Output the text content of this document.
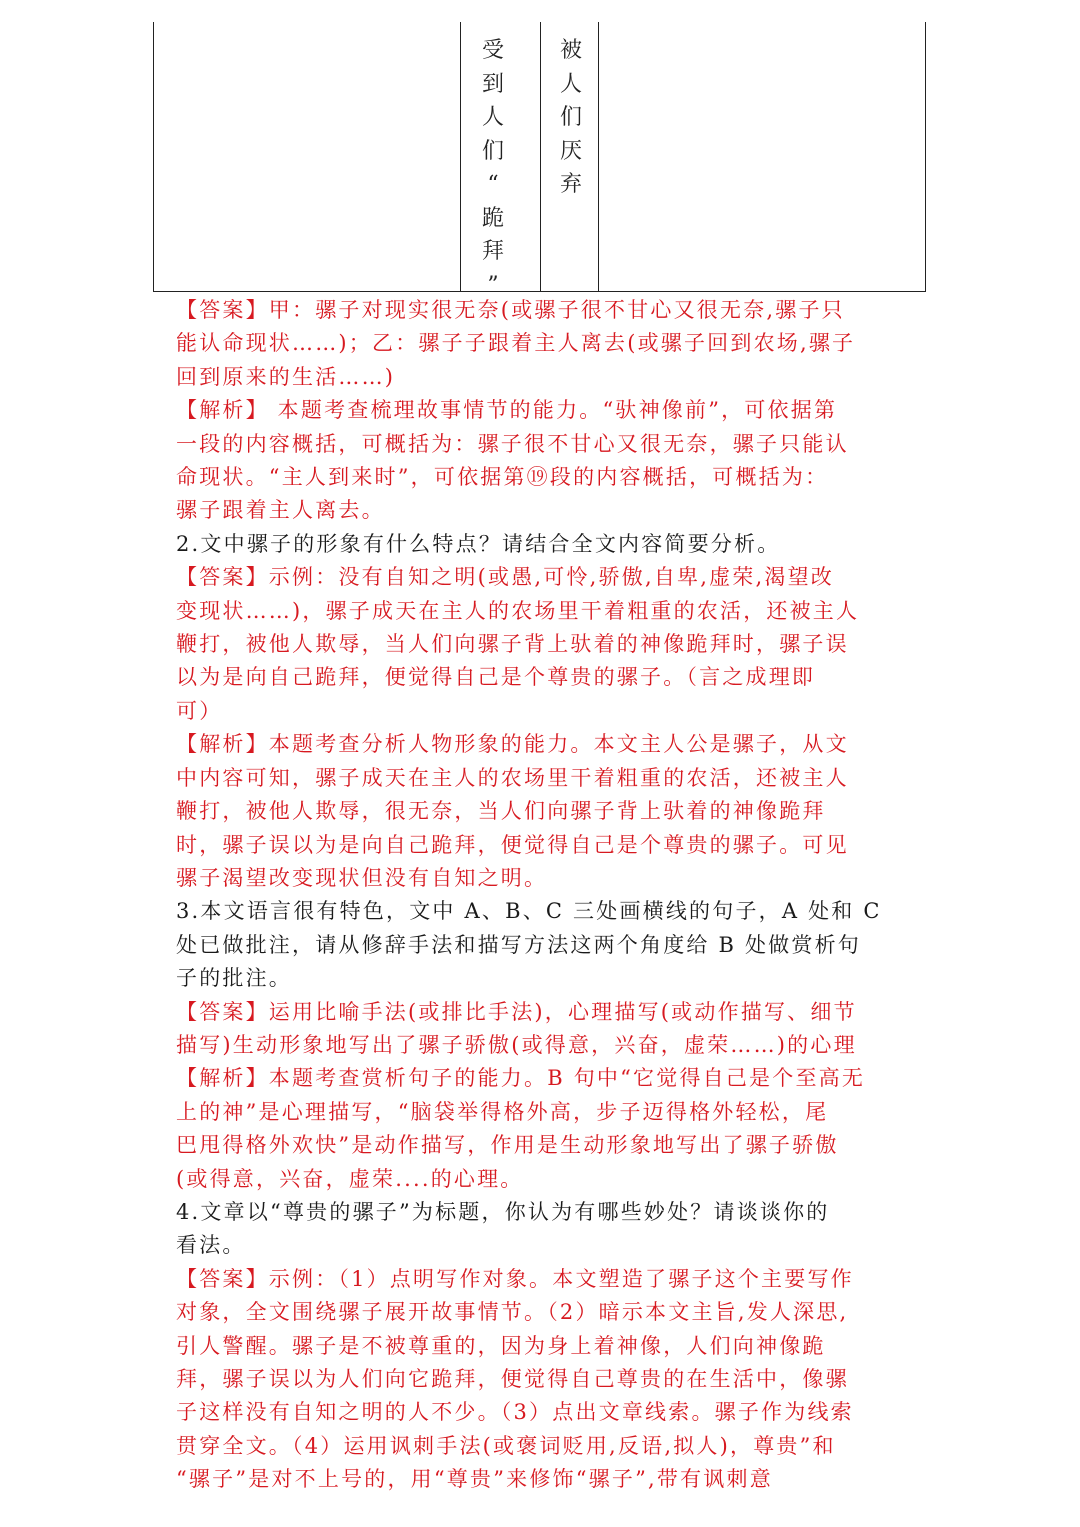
受
到
人
们
“
跪
拜
”
被
人
们
厌
弃
【答案】甲：骡子对现实很无奈(或骡子很不甘心又很无奈,骡子只
能认命现状……)；乙：骡子子跟着主人离去(或骡子回到农场,骡子
回到原来的生活……)
【解析】 本题考查梳理故事情节的能力。“驮神像前”，可依据第
一段的内容概括，可概括为：骡子很不甘心又很无奈，骡子只能认
命现状。“主人到来时”，可依据第⑲段的内容概括，可概括为：
骡子跟着主人离去。
2.文中骡子的形象有什么特点？请结合全文内容简要分析。
【答案】示例：没有自知之明(或愚,可怜,骄傲,自卑,虚荣,渴望改
变现状……)，骡子成天在主人的农场里干着粗重的农活，还被主人
鞭打，被他人欺辱，当人们向骡子背上驮着的神像跪拜时，骡子误
以为是向自己跪拜，便觉得自己是个尊贵的骡子。（言之成理即
可）
【解析】本题考查分析人物形象的能力。本文主人公是骡子，从文
中内容可知，骡子成天在主人的农场里干着粗重的农活，还被主人
鞭打，被他人欺辱，很无奈，当人们向骡子背上驮着的神像跪拜
时，骡子误以为是向自己跪拜，便觉得自己是个尊贵的骡子。可见
骡子渴望改变现状但没有自知之明。
3.本文语言很有特色，文中 A、B、C 三处画横线的句子，A 处和 C
处已做批注，请从修辞手法和描写方法这两个角度给 B 处做赏析句
子的批注。
【答案】运用比喻手法(或排比手法)，心理描写(或动作描写、细节
描写)生动形象地写出了骡子骄傲(或得意，兴奋，虚荣……)的心理
【解析】本题考查赏析句子的能力。B 句中“它觉得自己是个至高无
上的神”是心理描写，“脑袋举得格外高，步子迈得格外轻松，尾
巴甩得格外欢快”是动作描写，作用是生动形象地写出了骡子骄傲
(或得意，兴奋，虚荣....的心理。
4.文章以“尊贵的骡子”为标题，你认为有哪些妙处？请谈谈你的
看法。
【答案】示例：（1）点明写作对象。本文塑造了骡子这个主要写作
对象，全文围绕骡子展开故事情节。（2）暗示本文主旨,发人深思,
引人警醒。骡子是不被尊重的，因为身上着神像，人们向神像跪
拜，骡子误以为人们向它跪拜，便觉得自己尊贵的在生活中，像骡
子这样没有自知之明的人不少。（3）点出文章线索。骡子作为线索
贯穿全文。（4）运用讽刺手法(或褒词贬用,反语,拟人)，尊贵”和
“骡子”是对不上号的，用“尊贵”来修饰“骡子”,带有讽刺意
